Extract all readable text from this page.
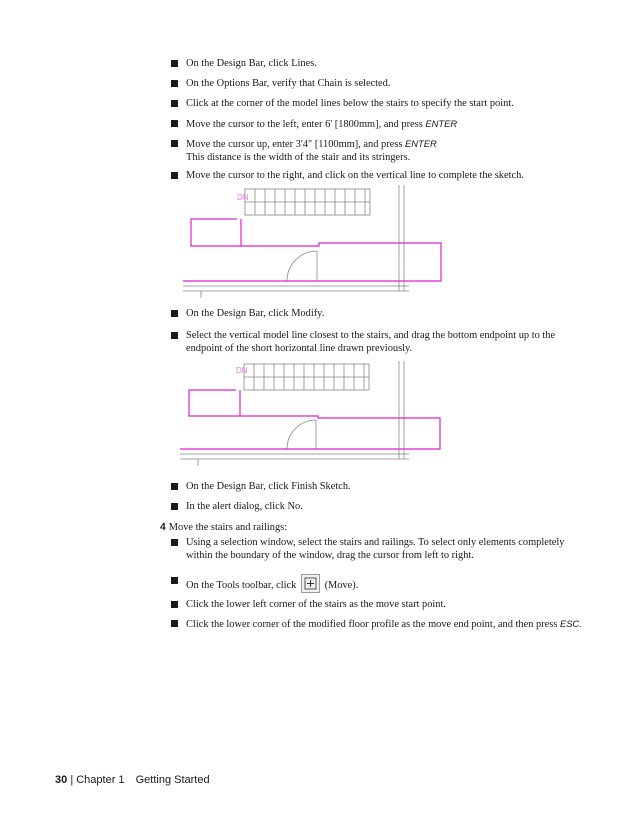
On the Design Bar, click Lines.
On the Options Bar, verify that Chain is selected.
Click at the corner of the model lines below the stairs to specify the start point.
Move the cursor to the left, enter 6' [1800mm], and press ENTER
Move the cursor up, enter 3'4" [1100mm], and press ENTER
This distance is the width of the stair and its stringers.
Move the cursor to the right, and click on the vertical line to complete the sketch.
DN
On the Design Bar, click Modify.
Select the vertical model line closest to the stairs, and drag the bottom endpoint up to the endpoint of the short horizontal line drawn previously.
DN
On the Design Bar, click Finish Sketch.
In the alert dialog, click No.
4 Move the stairs and railings:
Using a selection window, select the stairs and railings. To select only elements completely within the boundary of the window, drag the cursor from left to right.
On the Tools toolbar, click	(Move).
Click the lower left corner of the stairs as the move start point.
Click the lower corner of the modified floor profile as the move end point, and then press ESC.
30 | Chapter 1 Getting Started
